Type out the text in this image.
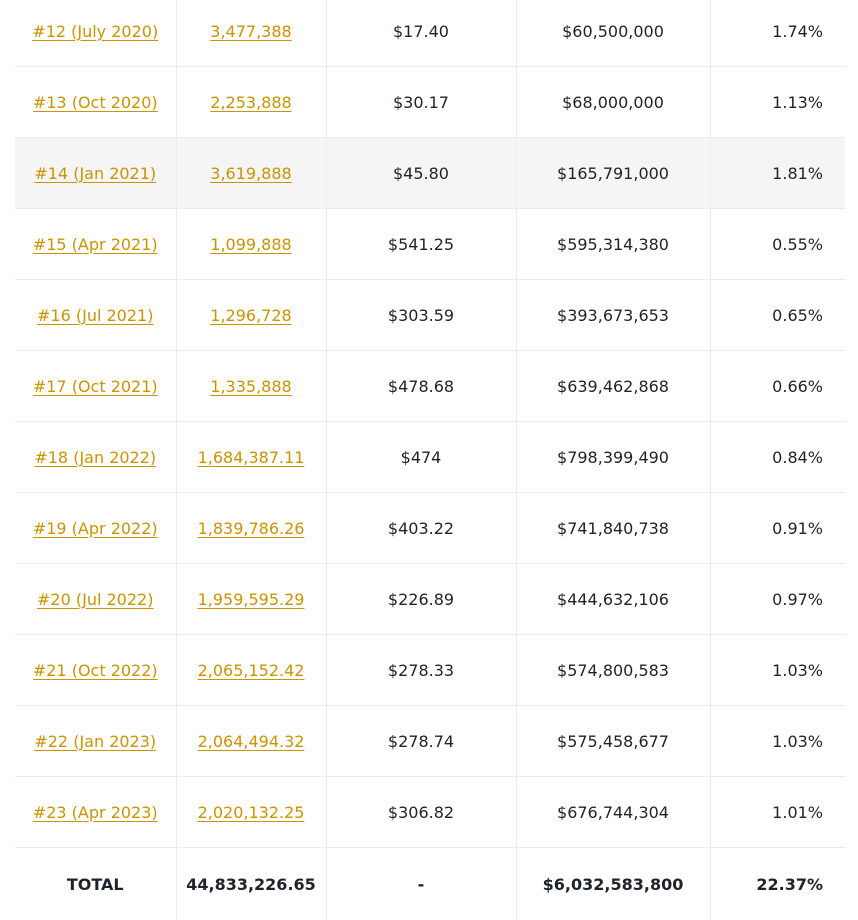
#12 (July 2020)	3,477,388	$17.40	$60,500,000	1.74%
#13 (Oct 2020)	2,253,888	$30.17	$68,000,000	1.13%
#14 (Jan 2021)	3,619,888	$45.80	$165,791,000	1.81%
#15 (Apr 2021)	1,099,888	$541.25	$595,314,380	0.55%
#16 (Jul 2021)	1,296,728	$303.59	$393,673,653	0.65%
#17 (Oct 2021)	1,335,888	$478.68	$639,462,868	0.66%
#18 (Jan 2022)	1,684,387.11	$474	$798,399,490	0.84%
#19 (Apr 2022)	1,839,786.26	$403.22	$741,840,738	0.91%
#20 (Jul 2022)	1,959,595.29	$226.89	$444,632,106	0.97%
#21 (Oct 2022)	2,065,152.42	$278.33	$574,800,583	1.03%
#22 (Jan 2023)	2,064,494.32	$278.74	$575,458,677	1.03%
#23 (Apr 2023)	2,020,132.25	$306.82	$676,744,304	1.01%
TOTAL	44,833,226.65	-	$6,032,583,800	22.37%
